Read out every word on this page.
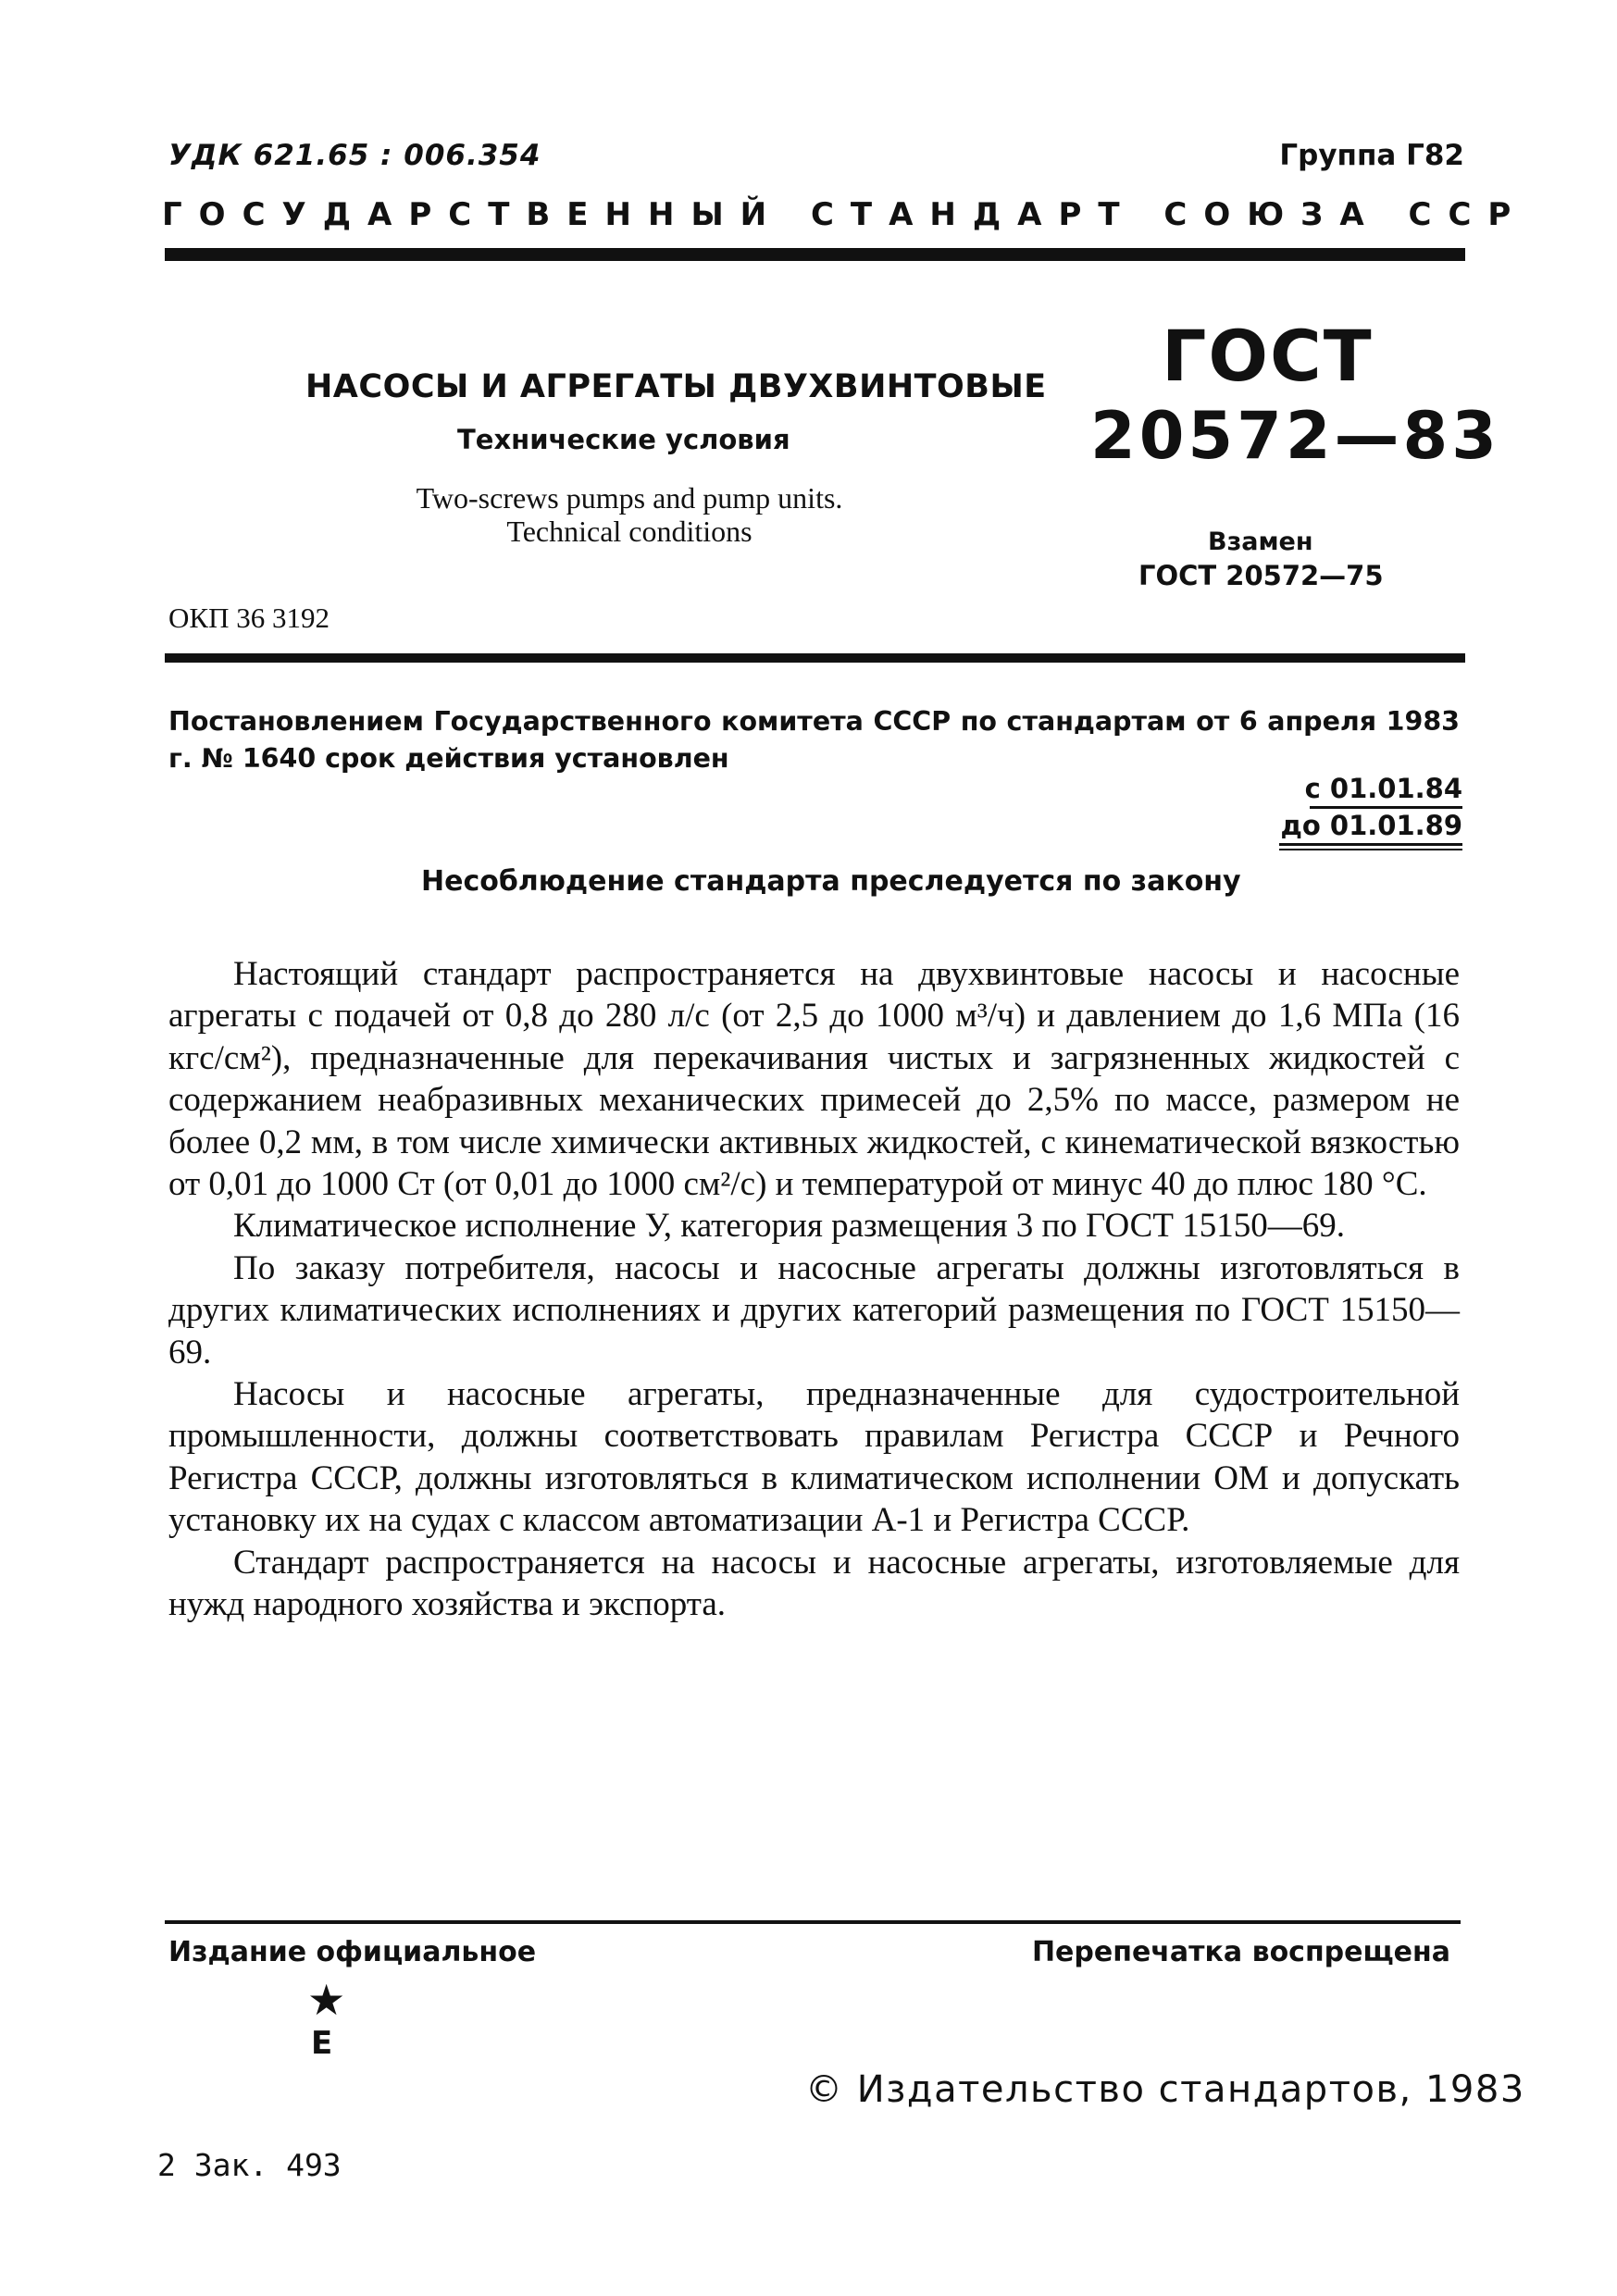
УДК 621.65 : 006.354	Группа Г82
ГОСУДАРСТВЕННЫЙ СТАНДАРТ СОЮЗА ССР
НАСОСЫ И АГРЕГАТЫ ДВУХВИНТОВЫЕ
Технические условия
Two-screws pumps and pump units.
Technical conditions
ГОСТ
20572—83
Взамен
ГОСТ 20572—75
ОКП 36 3192
Постановлением Государственного комитета СССР по стандартам от 6 апреля 1983 г. № 1640 срок действия установлен
с 01.01.84
до 01.01.89
Несоблюдение стандарта преследуется по закону

Настоящий стандарт распространяется на двухвинтовые насосы и насосные агрегаты с подачей от 0,8 до 280 л/с (от 2,5 до 1000 м³/ч) и давлением до 1,6 МПа (16 кгс/см²), предназначенные для перекачивания чистых и загрязненных жидкостей с содержанием неабразивных механических примесей до 2,5% по массе, размером не более 0,2 мм, в том числе химически активных жидкостей, с кинематической вязкостью от 0,01 до 1000 Ст (от 0,01 до 1000 см²/с) и температурой от минус 40 до плюс 180 °С.

Климатическое исполнение У, категория размещения 3 по ГОСТ 15150—69.

По заказу потребителя, насосы и насосные агрегаты должны изготовляться в других климатических исполнениях и других категорий размещения по ГОСТ 15150—69.

Насосы и насосные агрегаты, предназначенные для судостроительной промышленности, должны соответствовать правилам Регистра СССР и Речного Регистра СССР, должны изготовляться в климатическом исполнении ОМ и допускать установку их на судах с классом автоматизации А-1 и Регистра СССР.

Стандарт распространяется на насосы и насосные агрегаты, изготовляемые для нужд народного хозяйства и экспорта.

Издание официальное	Перепечатка воспрещена
★
Е
© Издательство стандартов, 1983
2 Зак. 493
